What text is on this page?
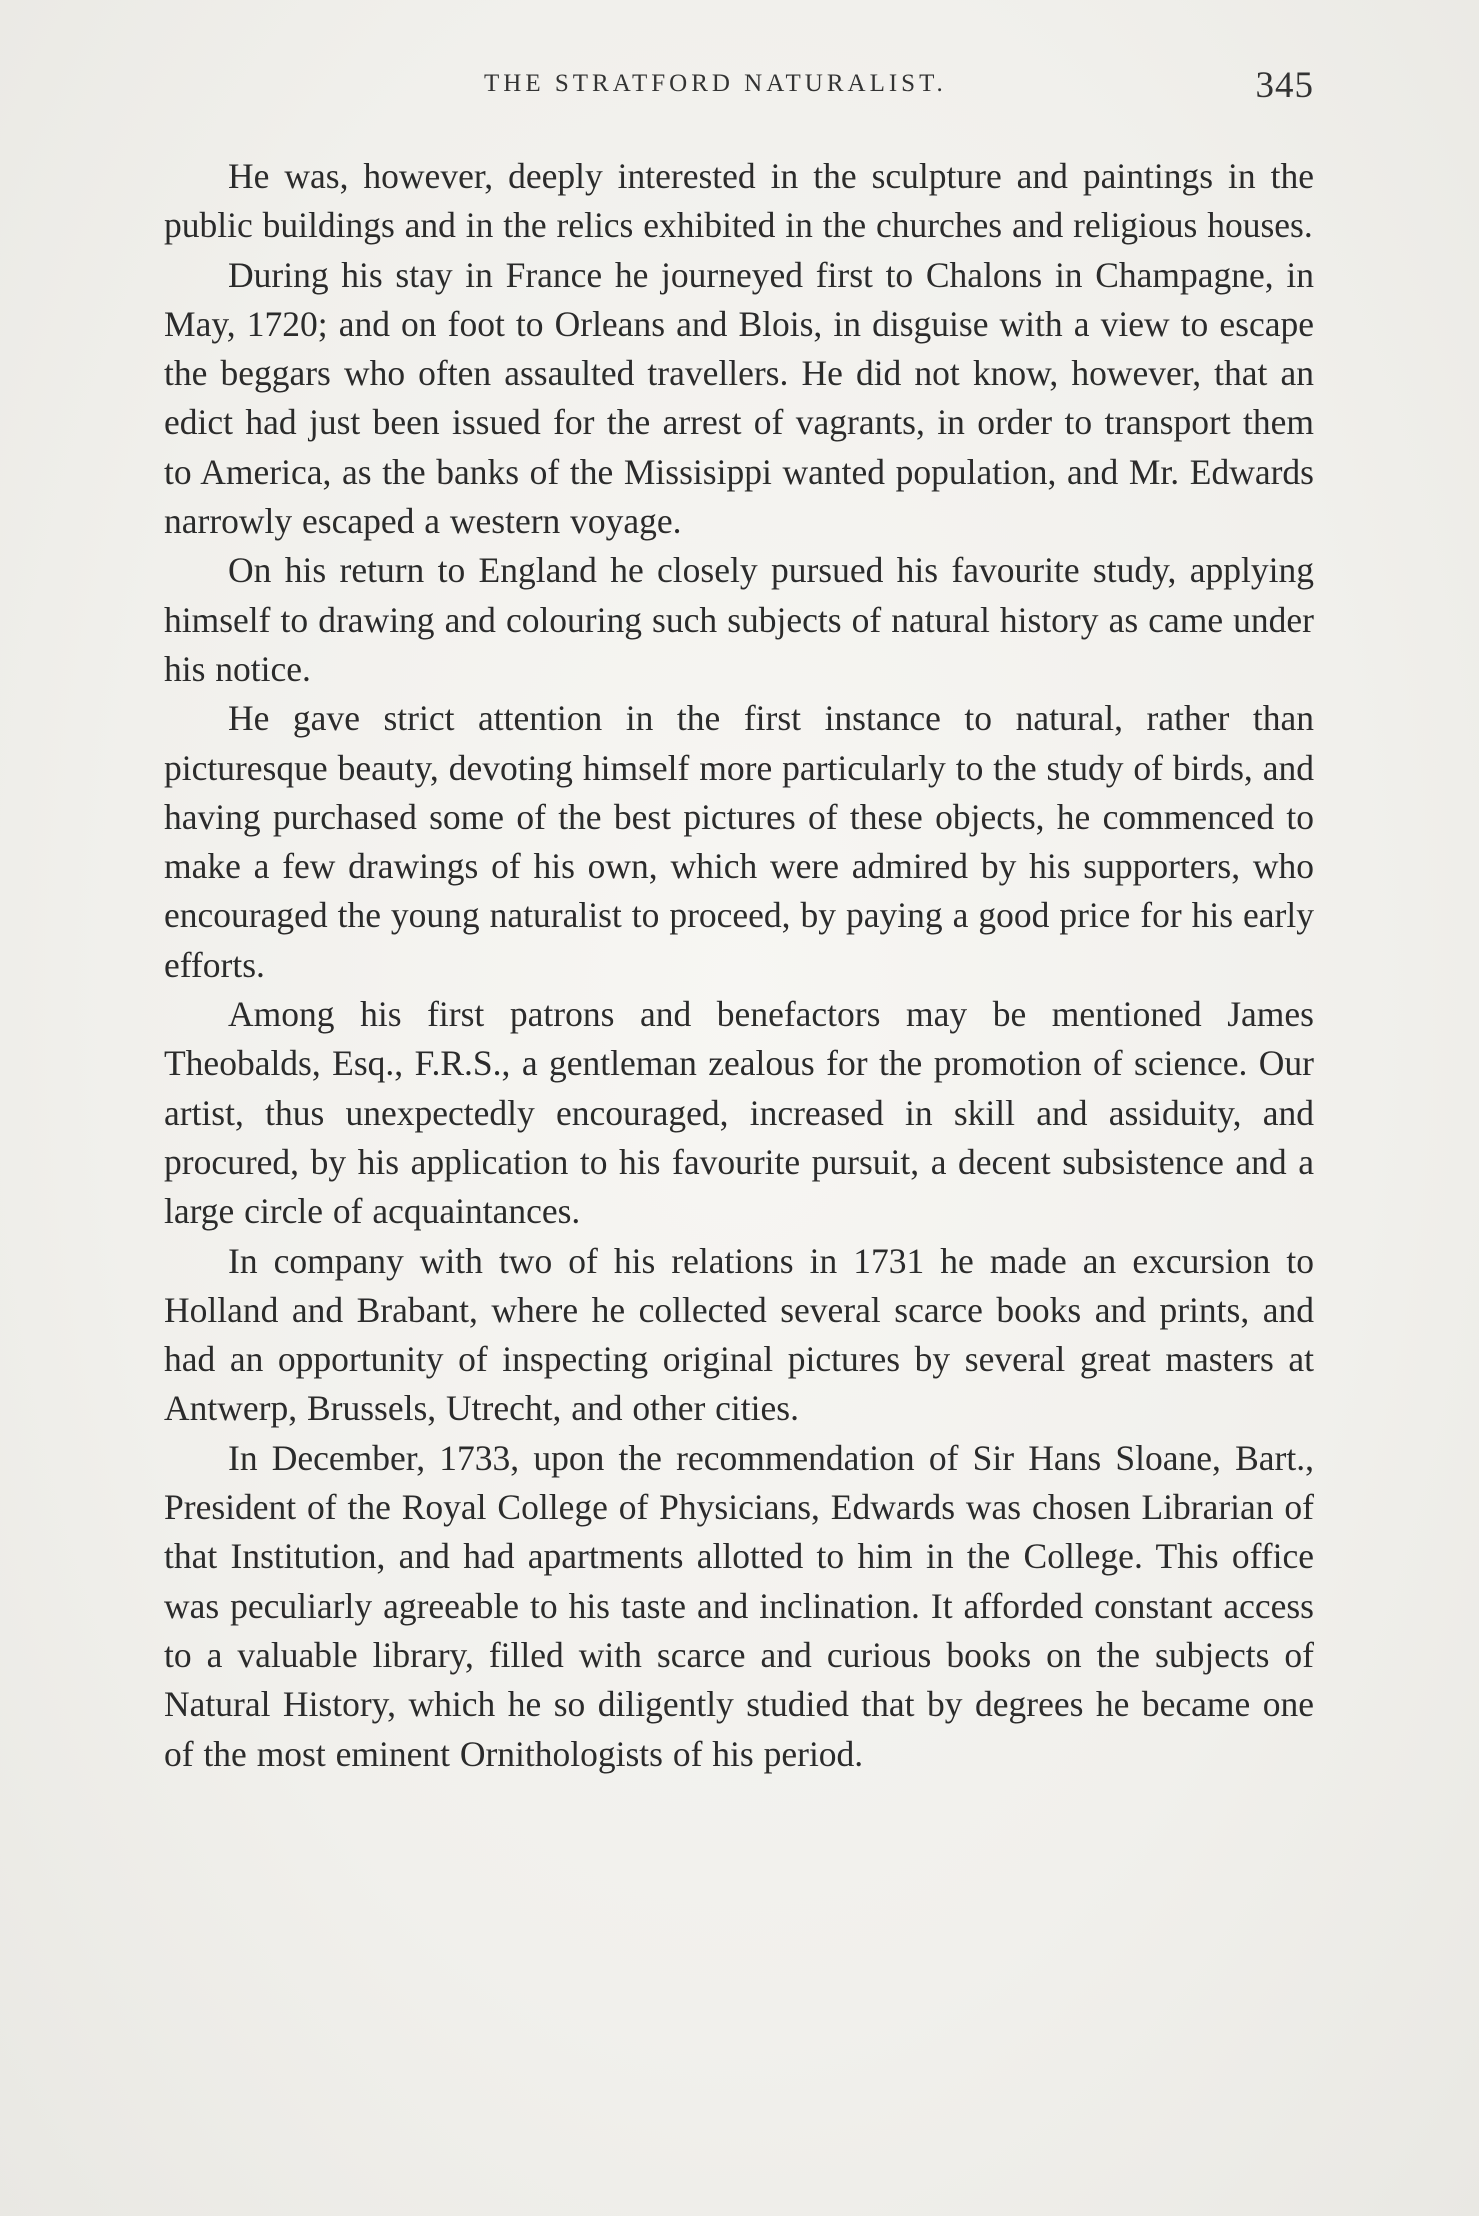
THE STRATFORD NATURALIST.	345

He was, however, deeply interested in the sculpture and paintings in the public buildings and in the relics exhibited in the churches and religious houses.

During his stay in France he journeyed first to Chalons in Champagne, in May, 1720; and on foot to Orleans and Blois, in disguise with a view to escape the beggars who often assaulted travellers. He did not know, however, that an edict had just been issued for the arrest of vagrants, in order to transport them to America, as the banks of the Missisippi wanted population, and Mr. Edwards narrowly escaped a western voyage.

On his return to England he closely pursued his favourite study, applying himself to drawing and colouring such subjects of natural history as came under his notice.

He gave strict attention in the first instance to natural, rather than picturesque beauty, devoting himself more particularly to the study of birds, and having purchased some of the best pictures of these objects, he commenced to make a few drawings of his own, which were admired by his supporters, who encouraged the young naturalist to proceed, by paying a good price for his early efforts.

Among his first patrons and benefactors may be mentioned James Theobalds, Esq., F.R.S., a gentleman zealous for the promotion of science. Our artist, thus unexpectedly encouraged, increased in skill and assiduity, and procured, by his application to his favourite pursuit, a decent subsistence and a large circle of acquaintances.

In company with two of his relations in 1731 he made an excursion to Holland and Brabant, where he collected several scarce books and prints, and had an opportunity of inspecting original pictures by several great masters at Antwerp, Brussels, Utrecht, and other cities.

In December, 1733, upon the recommendation of Sir Hans Sloane, Bart., President of the Royal College of Physicians, Edwards was chosen Librarian of that Institution, and had apartments allotted to him in the College. This office was peculiarly agreeable to his taste and inclination. It afforded constant access to a valuable library, filled with scarce and curious books on the subjects of Natural History, which he so diligently studied that by degrees he became one of the most eminent Ornithologists of his period.
